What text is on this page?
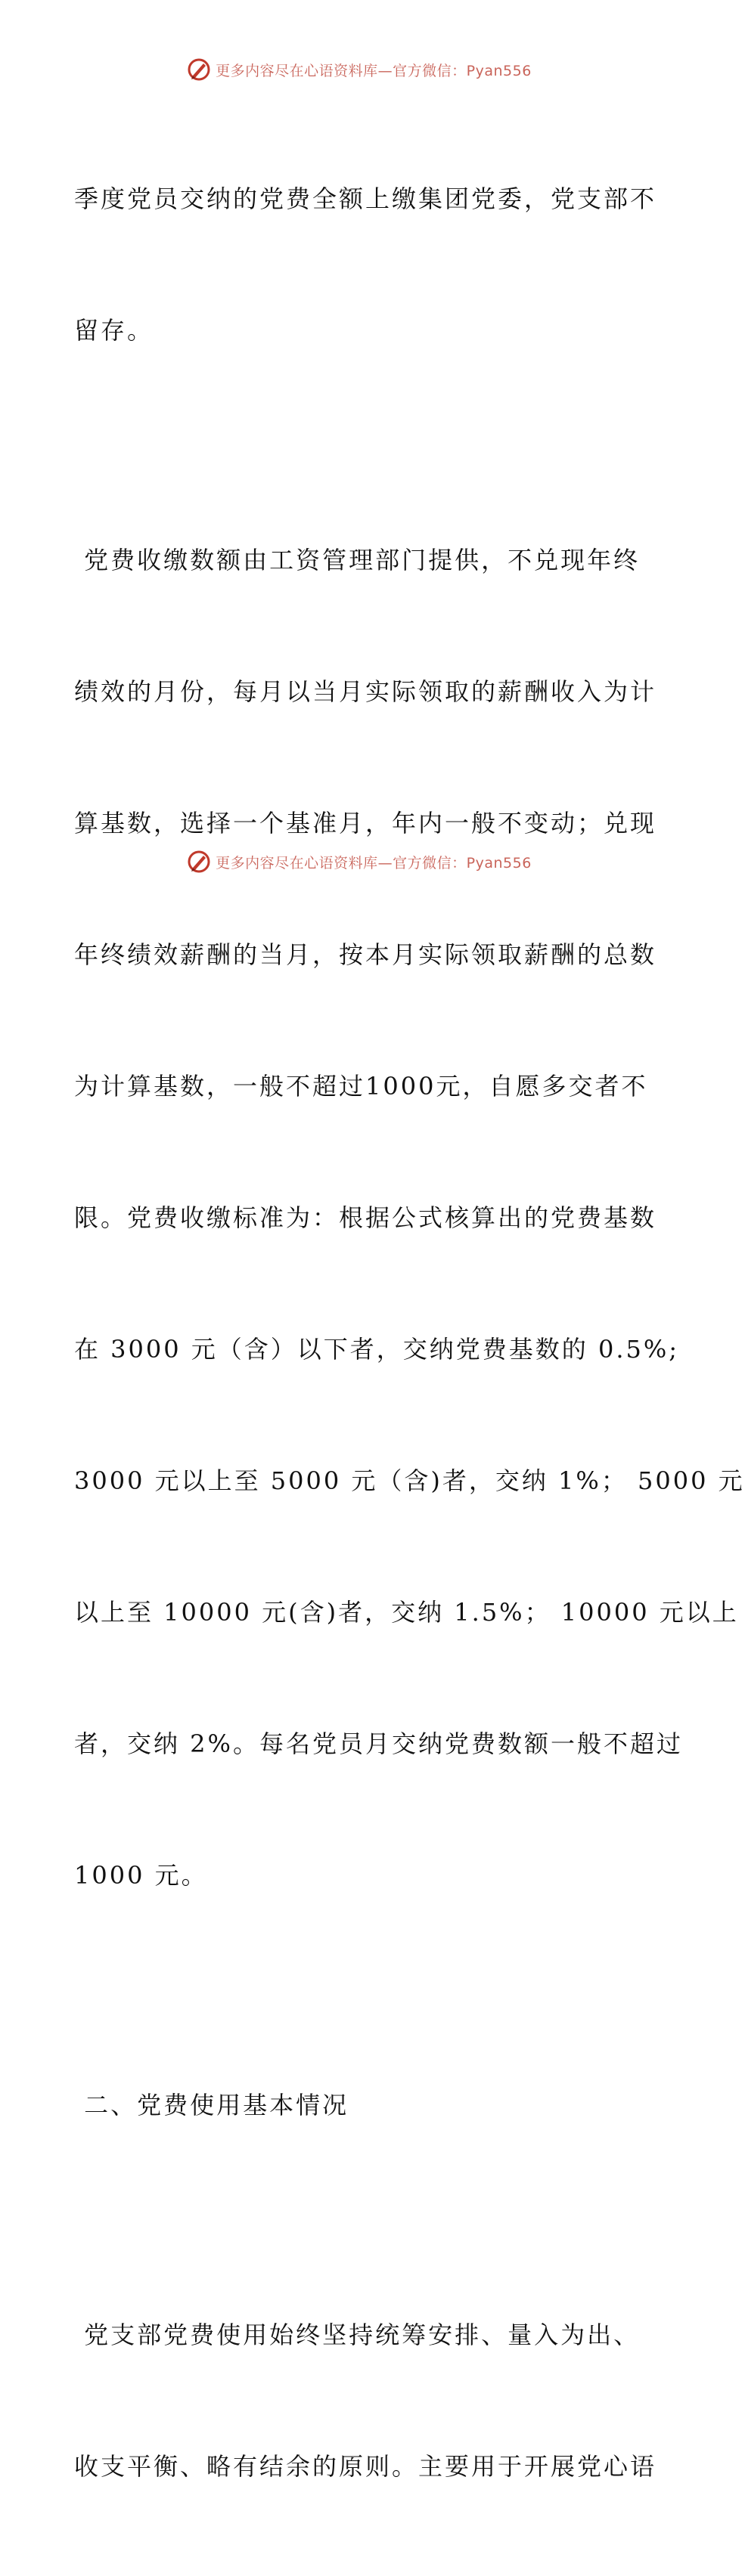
更多内容尽在心语资料库—官方微信：Pyan556

季度党员交纳的党费全额上缴集团党委，党支部不

留存。

党费收缴数额由工资管理部门提供，不兑现年终

绩效的月份，每月以当月实际领取的薪酬收入为计

算基数，选择一个基准月，年内一般不变动；兑现

年终绩效薪酬的当月，按本月实际领取薪酬的总数

为计算基数，一般不超过1000元，自愿多交者不

限。党费收缴标准为：根据公式核算出的党费基数

在 3000 元（含）以下者，交纳党费基数的 0.5%;

3000 元以上至 5000 元（含)者，交纳 1%； 5000 元

以上至 10000 元(含)者，交纳 1.5%； 10000 元以上

者，交纳 2%。每名党员月交纳党费数额一般不超过

1000 元。

二、党费使用基本情况

党支部党费使用始终坚持统筹安排、量入为出、

收支平衡、略有结余的原则。主要用于开展党心语

更多内容尽在心语资料库—官方微信：Pyan556
